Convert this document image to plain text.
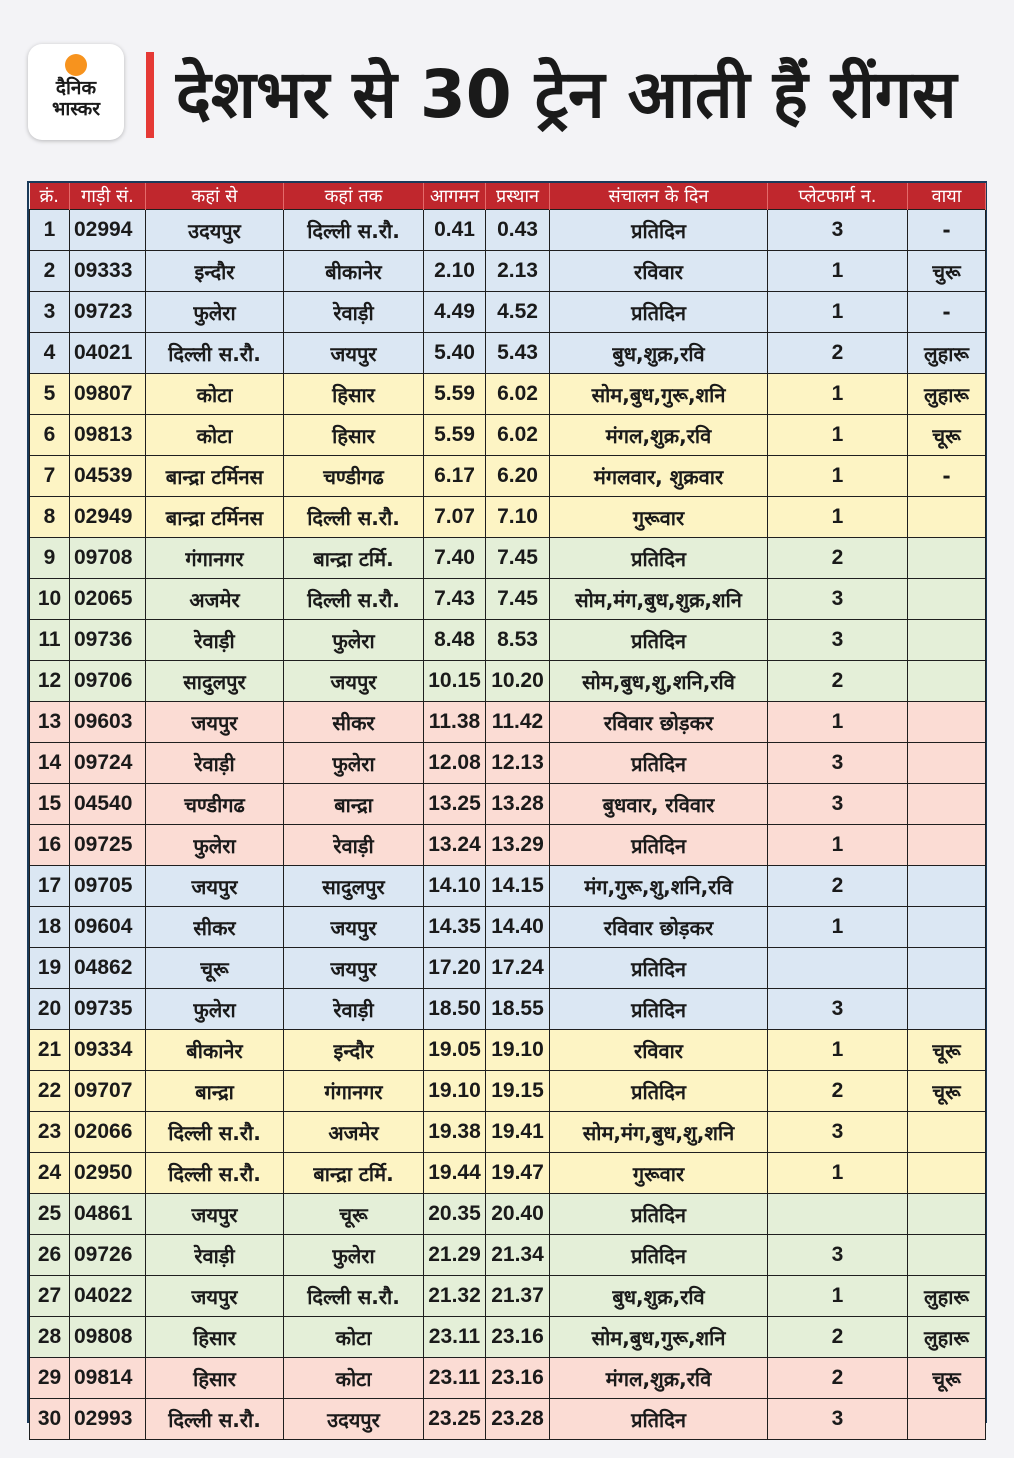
दैनिक
भास्कर	देशभर से 30 ट्रेन आती हैं रींगस
क्रं.	गाड़ी सं.	कहां से	कहां तक	आगमन	प्रस्थान	संचालन के दिन	प्लेटफार्म न.	वाया
1	02994	उदयपुर	दिल्ली स.रौ.	0.41	0.43	प्रतिदिन	3	-
2	09333	इन्दौर	बीकानेर	2.10	2.13	रविवार	1	चुरू
3	09723	फुलेरा	रेवाड़ी	4.49	4.52	प्रतिदिन	1	-
4	04021	दिल्ली स.रौ.	जयपुर	5.40	5.43	बुध,शुक्र,रवि	2	लुहारू
5	09807	कोटा	हिसार	5.59	6.02	सोम,बुध,गुरू,शनि	1	लुहारू
6	09813	कोटा	हिसार	5.59	6.02	मंगल,शुक्र,रवि	1	चूरू
7	04539	बान्द्रा टर्मिनस	चण्डीगढ	6.17	6.20	मंगलवार, शुक्रवार	1	-
8	02949	बान्द्रा टर्मिनस	दिल्ली स.रौ.	7.07	7.10	गुरूवार	1	
9	09708	गंगानगर	बान्द्रा टर्मि.	7.40	7.45	प्रतिदिन	2	
10	02065	अजमेर	दिल्ली स.रौ.	7.43	7.45	सोम,मंग,बुध,शुक्र,शनि	3	
11	09736	रेवाड़ी	फुलेरा	8.48	8.53	प्रतिदिन	3	
12	09706	सादुलपुर	जयपुर	10.15	10.20	सोम,बुध,शु,शनि,रवि	2	
13	09603	जयपुर	सीकर	11.38	11.42	रविवार छोड़कर	1	
14	09724	रेवाड़ी	फुलेरा	12.08	12.13	प्रतिदिन	3	
15	04540	चण्डीगढ	बान्द्रा	13.25	13.28	बुधवार, रविवार	3	
16	09725	फुलेरा	रेवाड़ी	13.24	13.29	प्रतिदिन	1	
17	09705	जयपुर	सादुलपुर	14.10	14.15	मंग,गुरू,शु,शनि,रवि	2	
18	09604	सीकर	जयपुर	14.35	14.40	रविवार छोड़कर	1	
19	04862	चूरू	जयपुर	17.20	17.24	प्रतिदिन		
20	09735	फुलेरा	रेवाड़ी	18.50	18.55	प्रतिदिन	3	
21	09334	बीकानेर	इन्दौर	19.05	19.10	रविवार	1	चूरू
22	09707	बान्द्रा	गंगानगर	19.10	19.15	प्रतिदिन	2	चूरू
23	02066	दिल्ली स.रौ.	अजमेर	19.38	19.41	सोम,मंग,बुध,शु,शनि	3	
24	02950	दिल्ली स.रौ.	बान्द्रा टर्मि.	19.44	19.47	गुरूवार	1	
25	04861	जयपुर	चूरू	20.35	20.40	प्रतिदिन		
26	09726	रेवाड़ी	फुलेरा	21.29	21.34	प्रतिदिन	3	
27	04022	जयपुर	दिल्ली स.रौ.	21.32	21.37	बुध,शुक्र,रवि	1	लुहारू
28	09808	हिसार	कोटा	23.11	23.16	सोम,बुध,गुरू,शनि	2	लुहारू
29	09814	हिसार	कोटा	23.11	23.16	मंगल,शुक्र,रवि	2	चूरू
30	02993	दिल्ली स.रौ.	उदयपुर	23.25	23.28	प्रतिदिन	3	
